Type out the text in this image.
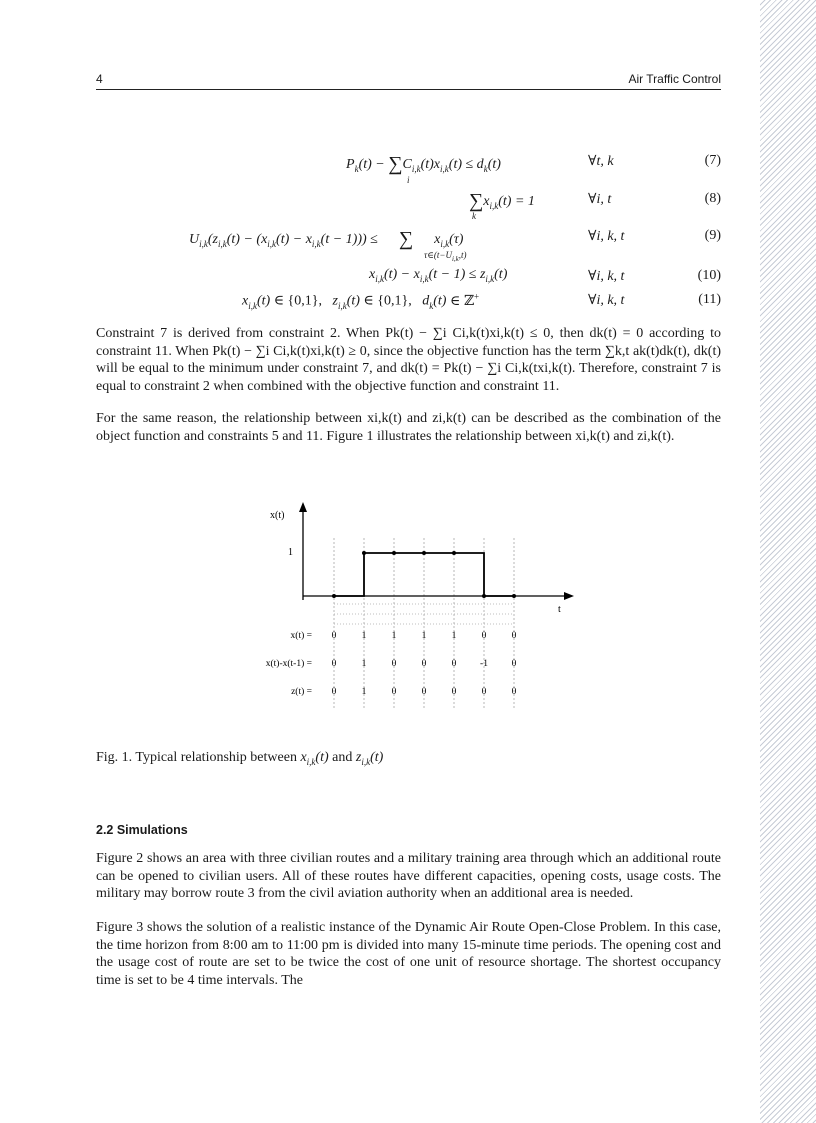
4	Air Traffic Control
$P_k(t) - \sum C_{i,k}(t)x_{i,k}(t) \le d_k(t)$
i
∀t, k	(7)
$\sum x_{i,k}(t) = 1$
k
∀i, t	(8)
$U_{i,k}(z_{i,k}(t) - (x_{i,k}(t) - x_{i,k}(t - 1)))$ ≤      ∑      $x_{i,k}(\tau)$
$\tau\in(t-U_{i,k},t)$
∀i, k, t	(9)
$x_{i,k}(t) - x_{i,k}(t - 1) \le z_{i,k}(t)$	∀i, k, t	(10)
$x_{i,k}(t)$ ∈ {0,1},   $z_{i,k}(t)$ ∈ {0,1},   $d_k(t)$ ∈ ℤ+	∀i, k, t	(11)

Constraint 7 is derived from constraint 2. When Pk(t) − ∑i Ci,k(t)xi,k(t) ≤ 0, then dk(t) = 0 according to constraint 11. When Pk(t) − ∑i Ci,k(t)xi,k(t) ≥ 0, since the objective function has the term ∑k,t ak(t)dk(t), dk(t) will be equal to the minimum under constraint 7, and dk(t) = Pk(t) − ∑i Ci,k(txi,k(t). Therefore, constraint 7 is equal to constraint 2 when combined with the objective function and constraint 11.

For the same reason, the relationship between xi,k(t) and zi,k(t) can be described as the combination of the object function and constraints 5 and 11. Figure 1 illustrates the relationship between xi,k(t) and zi,k(t).

x(t)
1
t
x(t) = 0	1	1	1	1	0	0
x(t)-x(t-1) = 0	1	0	0	0 -1 0
z(t) = 0	1	0	0	0	0	0
Fig. 1. Typical relationship between $x_{i,k}(t)$ and $z_{i,k}(t)$
2.2 Simulations

Figure 2 shows an area with three civilian routes and a military training area through which an additional route can be opened to civilian users. All of these routes have different capacities, opening costs, usage costs. The military may borrow route 3 from the civil aviation authority when an additional area is needed.

Figure 3 shows the solution of a realistic instance of the Dynamic Air Route Open-Close Problem. In this case, the time horizon from 8:00 am to 11:00 pm is divided into many 15-minute time periods. The opening cost and the usage cost of route are set to be twice the cost of one unit of resource shortage. The shortest occupancy time is set to be 4 time intervals. The
